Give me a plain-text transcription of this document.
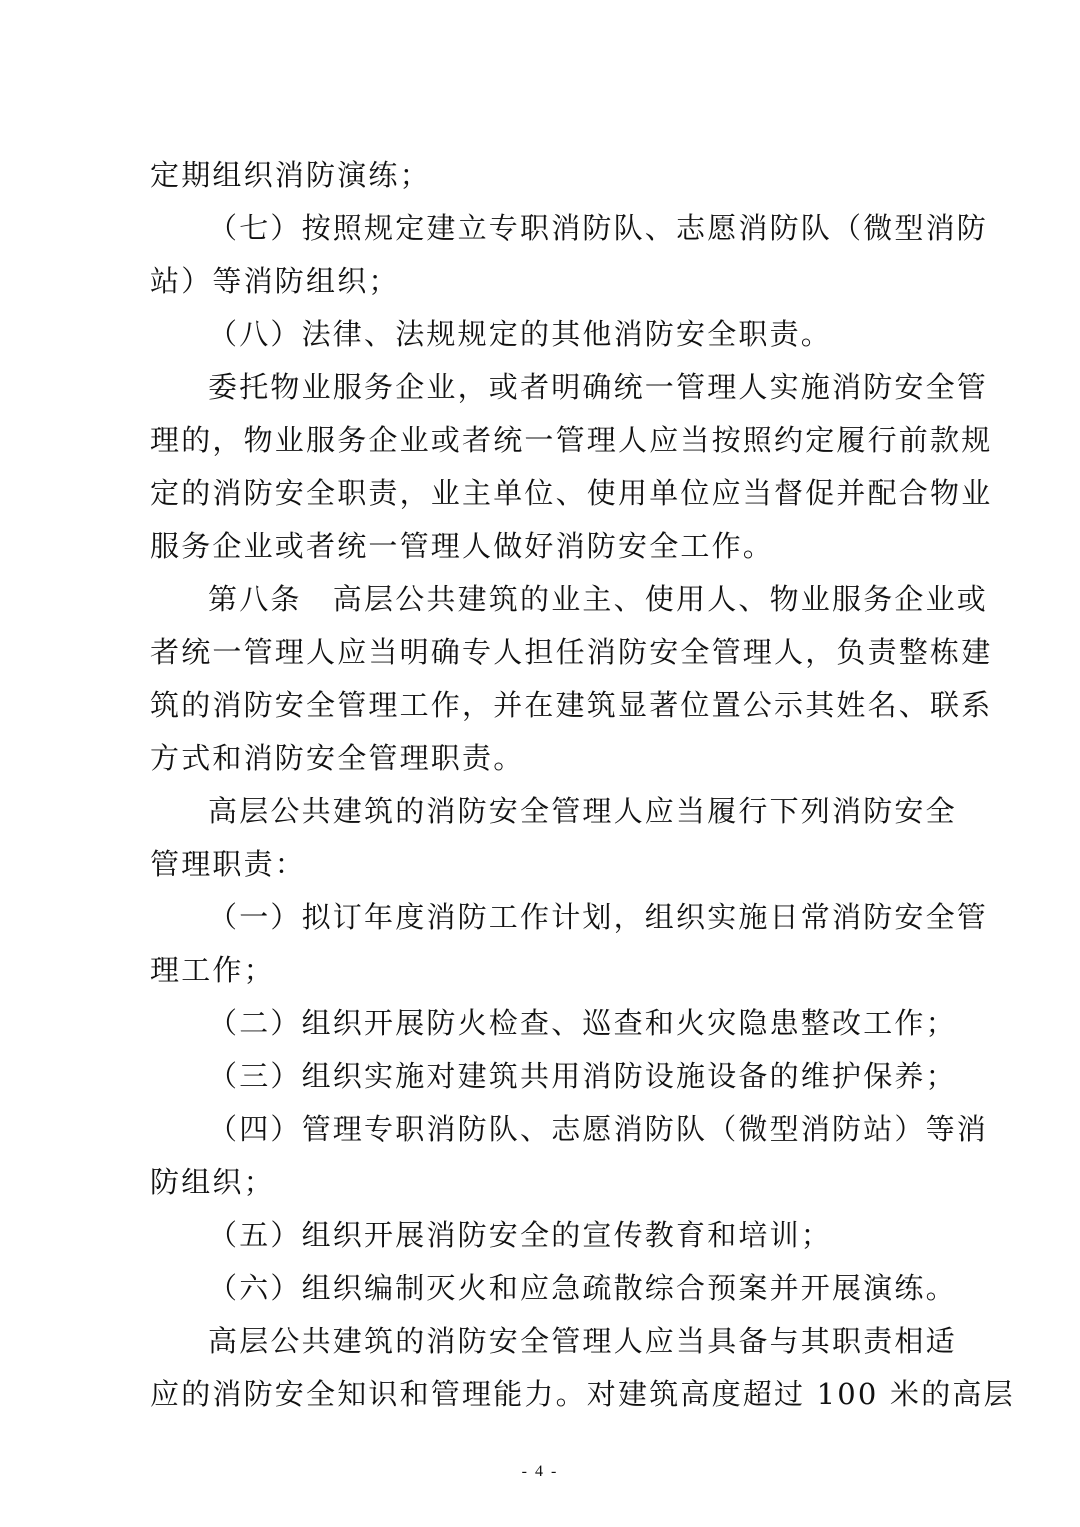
定期组织消防演练；
（七）按照规定建立专职消防队、志愿消防队（微型消防
站）等消防组织；
（八）法律、法规规定的其他消防安全职责。
委托物业服务企业，或者明确统一管理人实施消防安全管
理的，物业服务企业或者统一管理人应当按照约定履行前款规
定的消防安全职责，业主单位、使用单位应当督促并配合物业
服务企业或者统一管理人做好消防安全工作。
第八条　高层公共建筑的业主、使用人、物业服务企业或
者统一管理人应当明确专人担任消防安全管理人，负责整栋建
筑的消防安全管理工作，并在建筑显著位置公示其姓名、联系
方式和消防安全管理职责。
高层公共建筑的消防安全管理人应当履行下列消防安全
管理职责：
（一）拟订年度消防工作计划，组织实施日常消防安全管
理工作；
（二）组织开展防火检查、巡查和火灾隐患整改工作；
（三）组织实施对建筑共用消防设施设备的维护保养；
（四）管理专职消防队、志愿消防队（微型消防站）等消
防组织；
（五）组织开展消防安全的宣传教育和培训；
（六）组织编制灭火和应急疏散综合预案并开展演练。
高层公共建筑的消防安全管理人应当具备与其职责相适
应的消防安全知识和管理能力。对建筑高度超过 100 米的高层
- 4 -
